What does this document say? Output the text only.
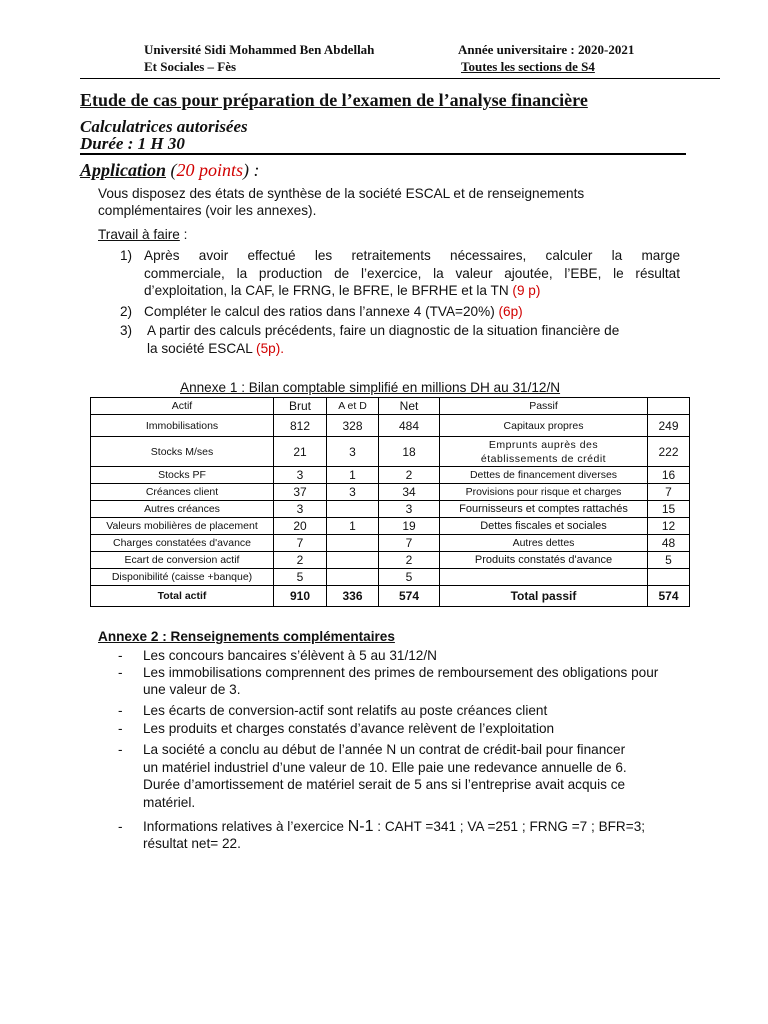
Université Sidi Mohammed Ben Abdellah
Et Sociales – Fès
Année universitaire : 2020-2021
Toutes les sections de S4
Etude de cas pour préparation de l’examen de l’analyse financière
Calculatrices autorisées
Durée : 1 H 30
Application (20 points) :
Vous disposez des états de synthèse de la société ESCAL et de renseignements
complémentaires (voir les annexes).
Travail à faire :
1) Après avoir effectué les retraitements nécessaires, calculer la marge
commerciale, la production de l’exercice, la valeur ajoutée, l’EBE, le résultat
d’exploitation, la CAF, le FRNG, le BFRE, le BFRHE et la TN (9 p)
2) Compléter le calcul des ratios dans l’annexe 4 (TVA=20%) (6p)
3) A partir des calculs précédents, faire un diagnostic de la situation financière de
la société ESCAL (5p).
Annexe 1 : Bilan comptable simplifié en millions DH au 31/12/N
Actif	Brut	A et D	Net	Passif	
Immobilisations	812	328	484	Capitaux propres	249
Stocks M/ses	21	3	18	Emprunts auprès des
établissements de crédit	222
Stocks PF	3	1	2	Dettes de financement diverses	16
Créances client	37	3	34	Provisions pour risque et charges	7
Autres créances	3		3	Fournisseurs et comptes rattachés	15
Valeurs mobilières de placement	20	1	19	Dettes fiscales et sociales	12
Charges constatées d'avance	7		7	Autres dettes	48
Ecart de conversion actif	2		2	Produits constatés d'avance	5
Disponibilité (caisse +banque)	5		5		
Total actif	910	336	574	Total passif	574
Annexe 2 : Renseignements complémentaires
- Les concours bancaires s’élèvent à 5 au 31/12/N
- Les immobilisations comprennent des primes de remboursement des obligations pour
une valeur de 3.
- Les écarts de conversion-actif sont relatifs au poste créances client
- Les produits et charges constatés d’avance relèvent de l’exploitation
- La société a conclu au début de l’année N un contrat de crédit-bail pour financer
un matériel industriel d’une valeur de 10. Elle paie une redevance annuelle de 6.
Durée d’amortissement de matériel serait de 5 ans si l’entreprise avait acquis ce
matériel.
- Informations relatives à l’exercice N-1 : CAHT =341 ; VA =251 ; FRNG =7 ; BFR=3;
résultat net= 22.
